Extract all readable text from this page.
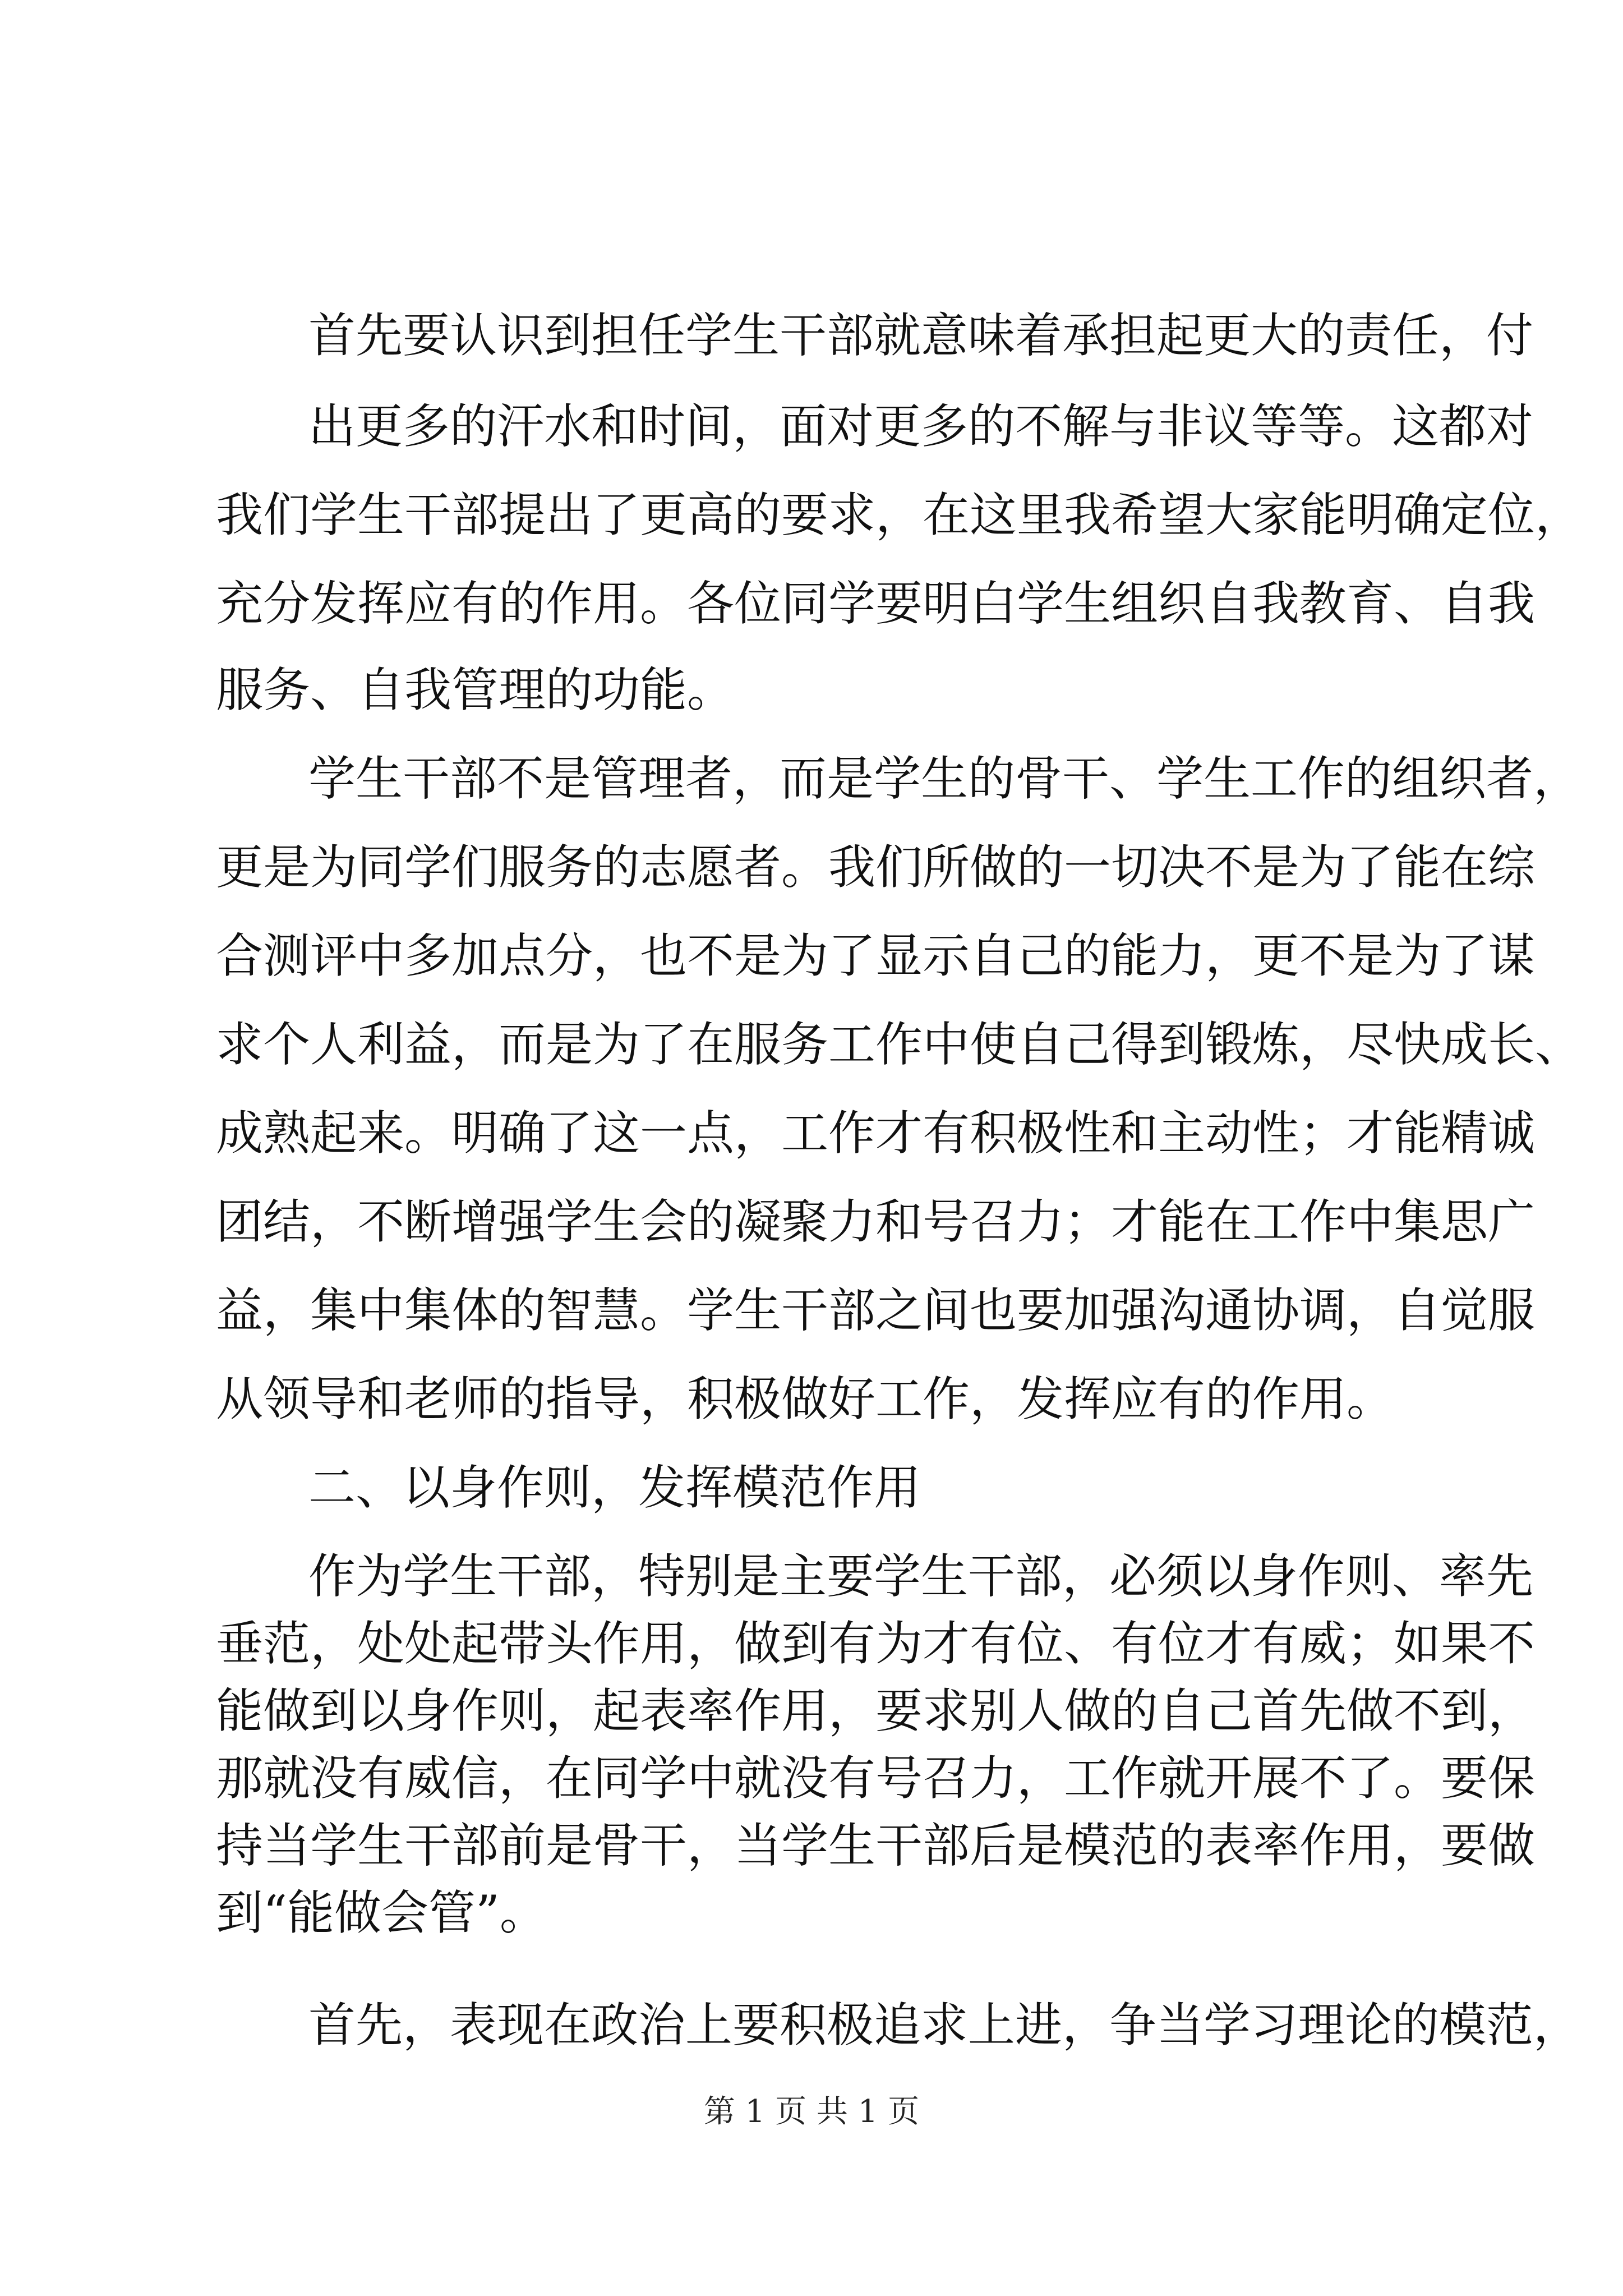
首先要认识到担任学生干部就意味着承担起更大的责任，付
出更多的汗水和时间，面对更多的不解与非议等等。这都对
我们学生干部提出了更高的要求，在这里我希望大家能明确定位，
充分发挥应有的作用。各位同学要明白学生组织自我教育、自我
服务、自我管理的功能。
学生干部不是管理者，而是学生的骨干、学生工作的组织者，
更是为同学们服务的志愿者。我们所做的一切决不是为了能在综
合测评中多加点分，也不是为了显示自己的能力，更不是为了谋
求个人利益，而是为了在服务工作中使自己得到锻炼，尽快成长、
成熟起来。明确了这一点，工作才有积极性和主动性；才能精诚
团结，不断增强学生会的凝聚力和号召力；才能在工作中集思广
益，集中集体的智慧。学生干部之间也要加强沟通协调，自觉服
从领导和老师的指导，积极做好工作，发挥应有的作用。
二、以身作则，发挥模范作用
作为学生干部，特别是主要学生干部，必须以身作则、率先
垂范，处处起带头作用，做到有为才有位、有位才有威；如果不
能做到以身作则，起表率作用，要求别人做的自己首先做不到，
那就没有威信，在同学中就没有号召力，工作就开展不了。要保
持当学生干部前是骨干，当学生干部后是模范的表率作用，要做
到“能做会管”。
第 1 页 共 1 页
首先，表现在政治上要积极追求上进，争当学习理论的模范，
